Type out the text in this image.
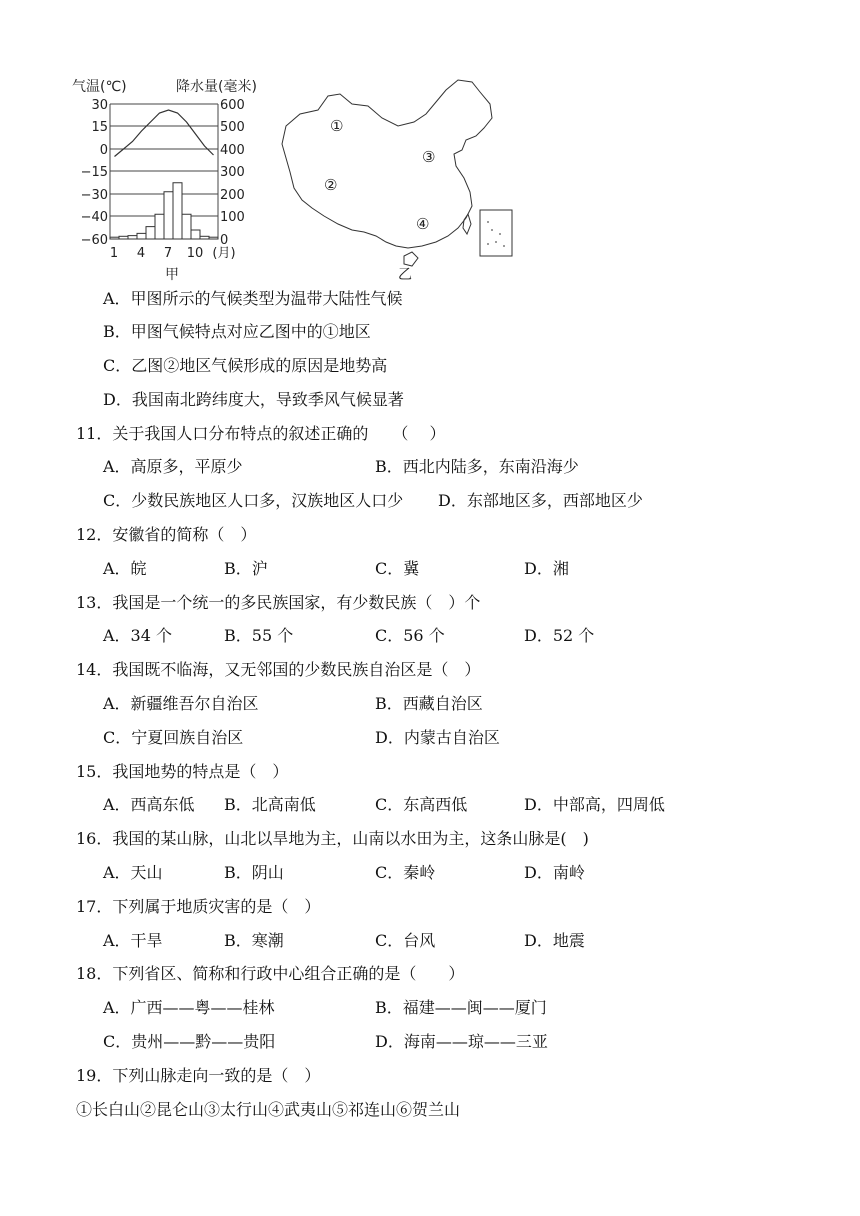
气温(℃)	降水量(毫米)
30
15
0
−15
−30
−40
−60
600
500
400
300
200
100
0
1 4 7 10 (月)
甲
①
②
③
④
乙
A．甲图所示的气候类型为温带大陆性气候
B．甲图气候特点对应乙图中的①地区
C．乙图②地区气候形成的原因是地势高
D．我国南北跨纬度大，导致季风气候显著
11．关于我国人口分布特点的叙述正确的　　（　 ）
A．高原多，平原少	B．西北内陆多，东南沿海少
C．少数民族地区人口多，汉族地区人口少 D．东部地区多，西部地区少
12．安徽省的简称（　）
A．皖	B．沪	C．冀	D．湘
13．我国是一个统一的多民族国家，有少数民族（　）个
A．34 个	B．55 个	C．56 个	D．52 个
14．我国既不临海，又无邻国的少数民族自治区是（　）
A．新疆维吾尔自治区	B．西藏自治区
C．宁夏回族自治区	D．内蒙古自治区
15．我国地势的特点是（　）
A．西高东低 B．北高南低	C．东高西低	D．中部高，四周低
16．我国的某山脉，山北以旱地为主，山南以水田为主，这条山脉是(　)
A．天山	B．阴山	C．秦岭	D．南岭
17．下列属于地质灾害的是（　）
A．干旱	B．寒潮	C．台风	D．地震
18．下列省区、简称和行政中心组合正确的是（　　）
A．广西——粤——桂林	B．福建——闽——厦门
C．贵州——黔——贵阳	D．海南——琼——三亚
19．下列山脉走向一致的是（　）
①长白山②昆仑山③太行山④武夷山⑤祁连山⑥贺兰山
